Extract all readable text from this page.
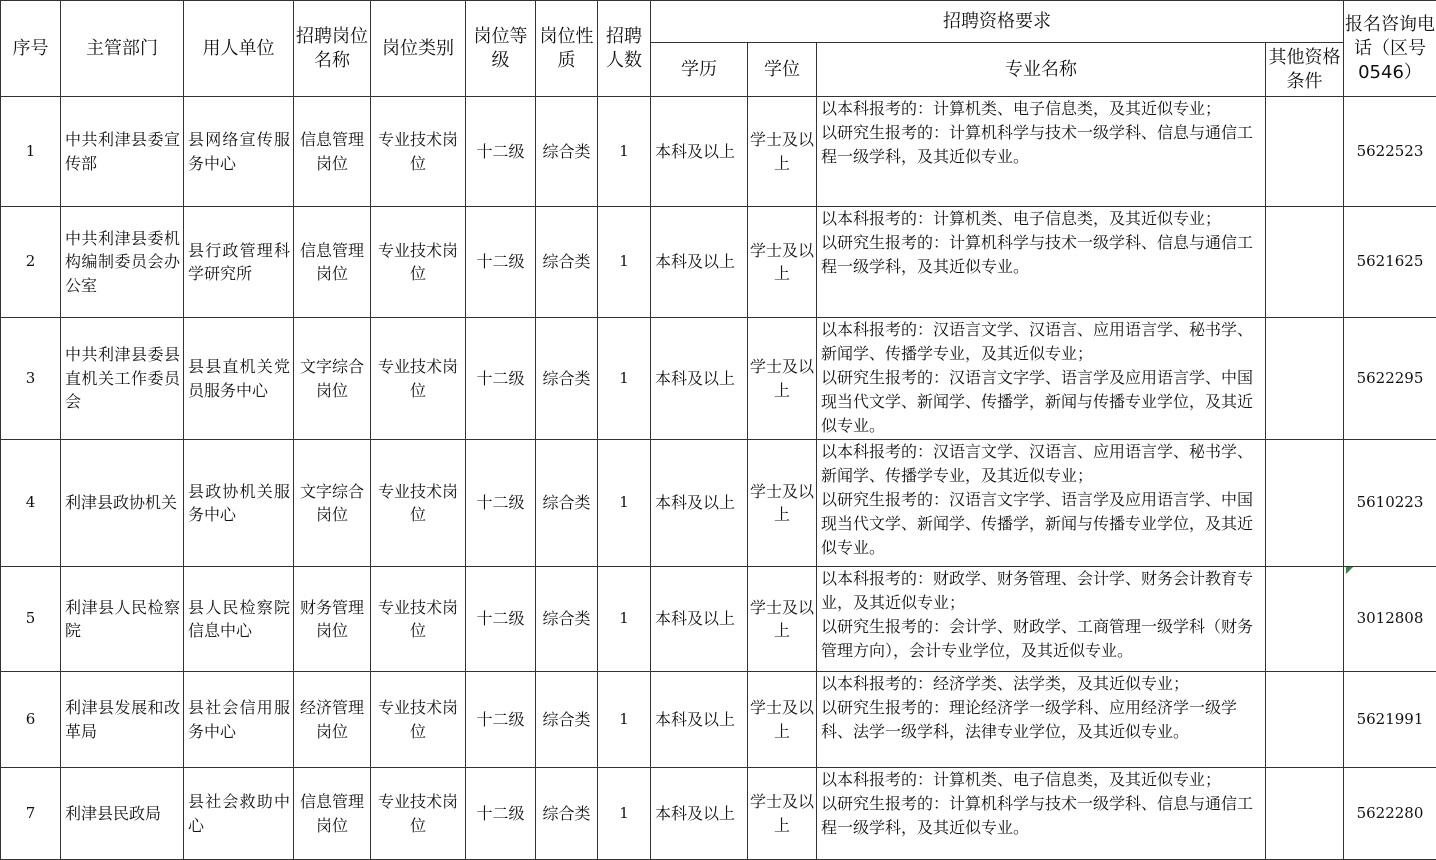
序号	主管部门	用人单位	招聘岗位名称	岗位类别	岗位等级	岗位性质	招聘人数	招聘资格要求				报名咨询电话（区号0546）
								学历	学位	专业名称	其他资格条件	
1	中共利津县委宣传部	县网络宣传服务中心	信息管理岗位	专业技术岗位	十二级	综合类	1	本科及以上	学士及以上	以本科报考的：计算机类、电子信息类，及其近似专业；
以研究生报考的：计算机科学与技术一级学科、信息与通信工程一级学科，及其近似专业。		5622523
2	中共利津县委机构编制委员会办公室	县行政管理科学研究所	信息管理岗位	专业技术岗位	十二级	综合类	1	本科及以上	学士及以上	以本科报考的：计算机类、电子信息类，及其近似专业；
以研究生报考的：计算机科学与技术一级学科、信息与通信工程一级学科，及其近似专业。		5621625
3	中共利津县委县直机关工作委员会	县县直机关党员服务中心	文字综合岗位	专业技术岗位	十二级	综合类	1	本科及以上	学士及以上	以本科报考的：汉语言文学、汉语言、应用语言学、秘书学、新闻学、传播学专业，及其近似专业；
以研究生报考的：汉语言文字学、语言学及应用语言学、中国现当代文学、新闻学、传播学，新闻与传播专业学位，及其近似专业。		5622295
4	利津县政协机关	县政协机关服务中心	文字综合岗位	专业技术岗位	十二级	综合类	1	本科及以上	学士及以上	以本科报考的：汉语言文学、汉语言、应用语言学、秘书学、新闻学、传播学专业，及其近似专业；
以研究生报考的：汉语言文字学、语言学及应用语言学、中国现当代文学、新闻学、传播学，新闻与传播专业学位，及其近似专业。		5610223
5	利津县人民检察院	县人民检察院信息中心	财务管理岗位	专业技术岗位	十二级	综合类	1	本科及以上	学士及以上	以本科报考的：财政学、财务管理、会计学、财务会计教育专业，及其近似专业；
以研究生报考的：会计学、财政学、工商管理一级学科（财务管理方向），会计专业学位，及其近似专业。		3012808
6	利津县发展和改革局	县社会信用服务中心	经济管理岗位	专业技术岗位	十二级	综合类	1	本科及以上	学士及以上	以本科报考的：经济学类、法学类，及其近似专业；
以研究生报考的：理论经济学一级学科、应用经济学一级学科、法学一级学科，法律专业学位，及其近似专业。		5621991
7	利津县民政局	县社会救助中心	信息管理岗位	专业技术岗位	十二级	综合类	1	本科及以上	学士及以上	以本科报考的：计算机类、电子信息类，及其近似专业；
以研究生报考的：计算机科学与技术一级学科、信息与通信工程一级学科，及其近似专业。		5622280
